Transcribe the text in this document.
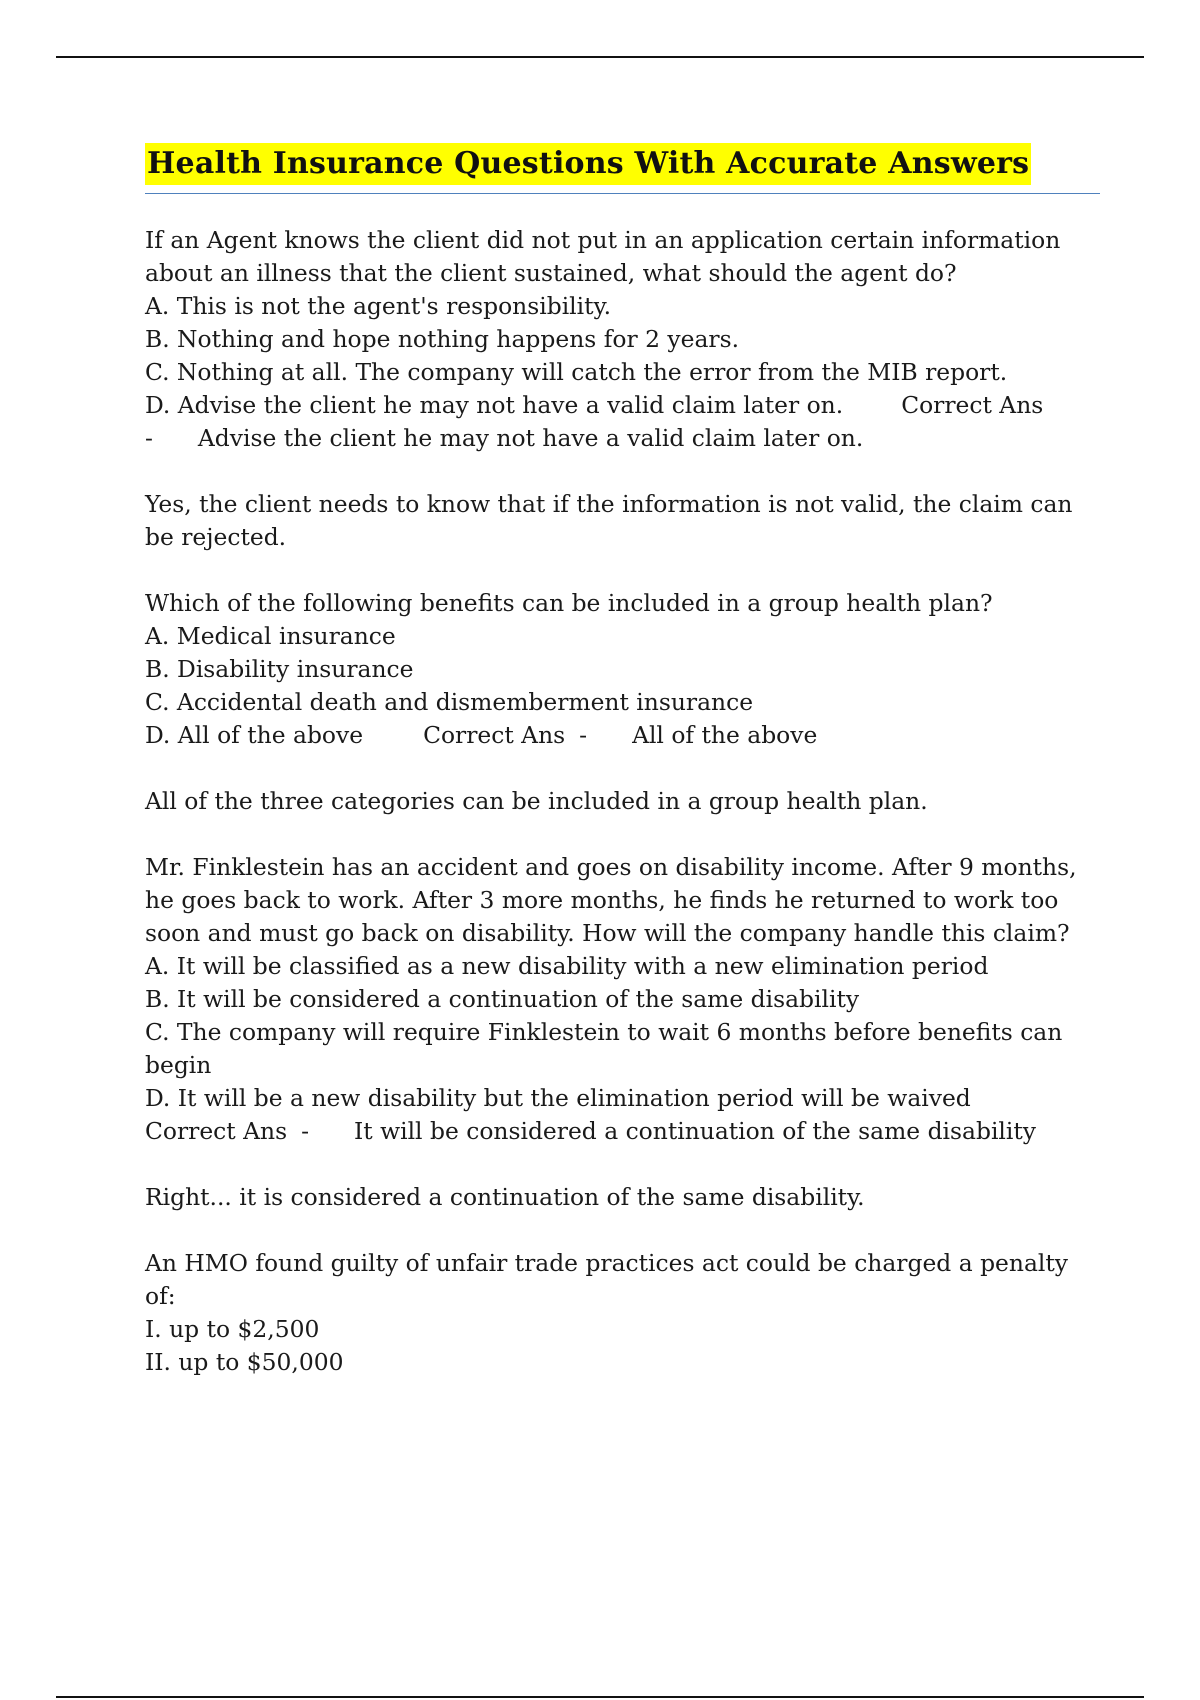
Health Insurance Questions With Accurate Answers

If an Agent knows the client did not put in an application certain information about an illness that the client sustained, what should the agent do?

A. This is not the agent's responsibility.

B. Nothing and hope nothing happens for 2 years.

C. Nothing at all. The company will catch the error from the MIB report.

D. Advise the client he may not have a valid claim later on. Correct Ans

- Advise the client he may not have a valid claim later on.

Yes, the client needs to know that if the information is not valid, the claim can be rejected.

Which of the following benefits can be included in a group health plan?

A. Medical insurance

B. Disability insurance

C. Accidental death and dismemberment insurance

D. All of the above	Correct Ans - All of the above

All of the three categories can be included in a group health plan.

Mr. Finklestein has an accident and goes on disability income. After 9 months, he goes back to work. After 3 more months, he finds he returned to work too soon and must go back on disability. How will the company handle this claim?

A. It will be classified as a new disability with a new elimination period

B. It will be considered a continuation of the same disability

C. The company will require Finklestein to wait 6 months before benefits can begin

D. It will be a new disability but the elimination period will be waived

Correct Ans - It will be considered a continuation of the same disability

Right... it is considered a continuation of the same disability.

An HMO found guilty of unfair trade practices act could be charged a penalty of:

I. up to $2,500

II. up to $50,000
